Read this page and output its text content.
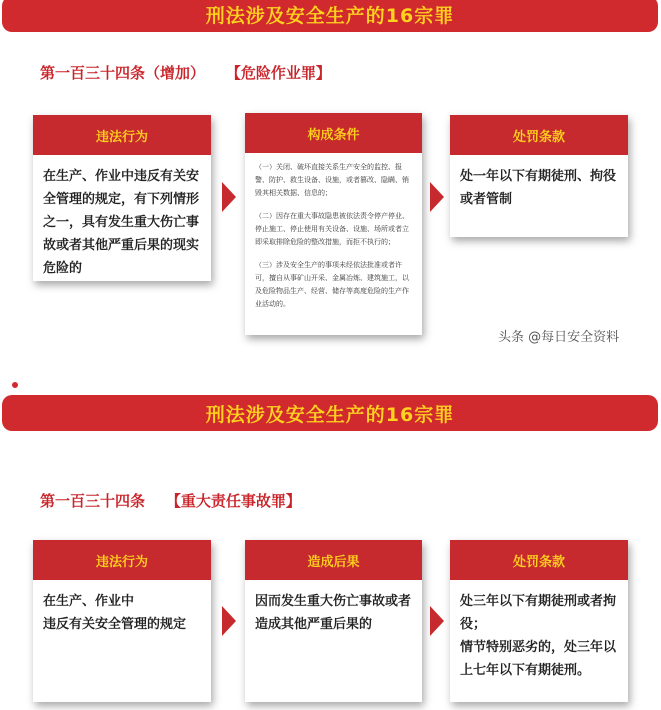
刑法涉及安全生产的16宗罪
第一百三十四条（增加）    【危险作业罪】
违法行为

在生产、作业中违反有关安全管理的规定，有下列情形之一，具有发生重大伤亡事故或者其他严重后果的现实危险的

构成条件

（一）关闭、破坏直接关系生产安全的监控、报警、防护、救生设备、设施，或者篡改、隐瞒、销毁其相关数据、信息的；

（二）因存在重大事故隐患被依法责令停产停业、停止施工、停止使用有关设备、设施、场所或者立即采取排除危险的整改措施，而拒不执行的；

（三）涉及安全生产的事项未经依法批准或者许可，擅自从事矿山开采、金属冶炼、建筑施工，以及危险物品生产、经营、储存等高度危险的生产作业活动的。

处罚条款

处一年以下有期徒刑、拘役或者管制

头条 @每日安全资料
刑法涉及安全生产的16宗罪
第一百三十四条    【重大责任事故罪】
违法行为

在生产、作业中

违反有关安全管理的规定

造成后果

因而发生重大伤亡事故或者造成其他严重后果的

处罚条款

处三年以下有期徒刑或者拘役；

情节特别恶劣的，处三年以上七年以下有期徒刑。
